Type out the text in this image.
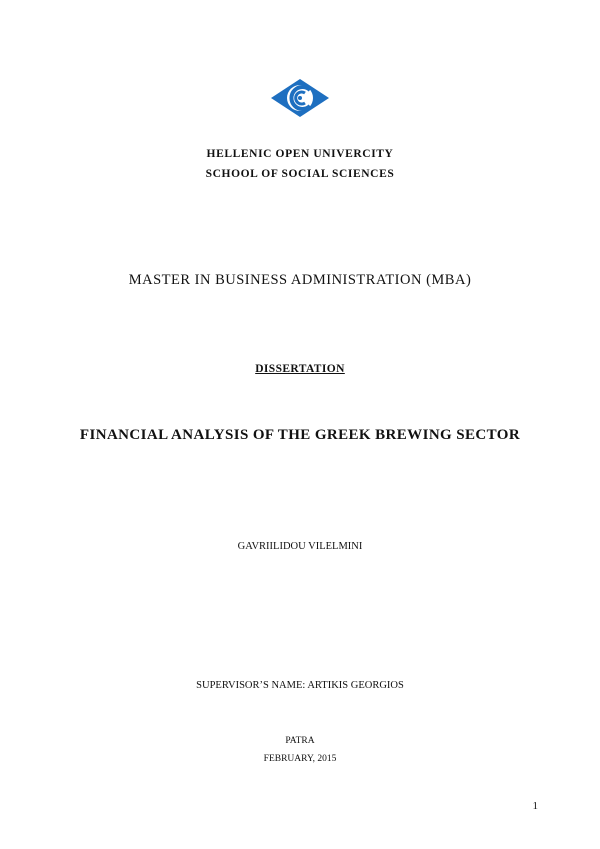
HELLENIC OPEN UNIVERCITY
SCHOOL OF SOCIAL SCIENCES
MASTER IN BUSINESS ADMINISTRATION (MBA)
DISSERTATION
FINANCIAL ANALYSIS OF THE GREEK BREWING SECTOR
GAVRIILIDOU VILELMINI
SUPERVISOR’S NAME: ARTIKIS GEORGIOS
PATRA
FEBRUARY, 2015
1
